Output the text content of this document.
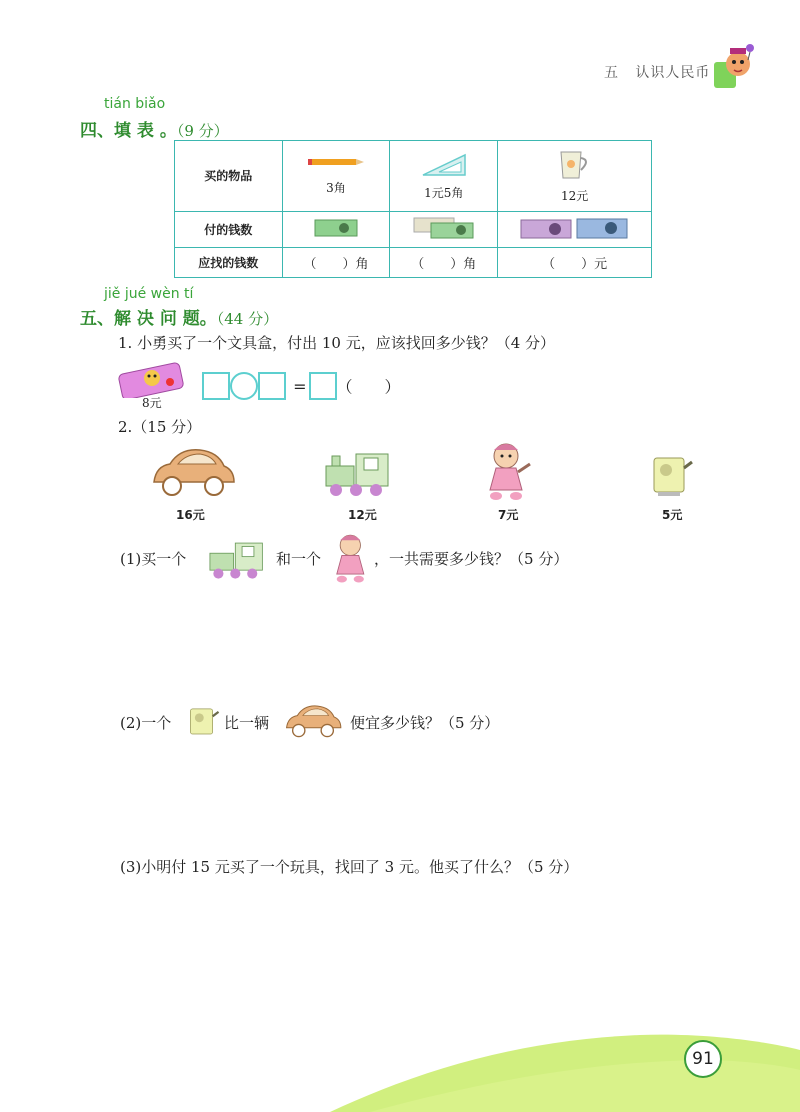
五 认识人民币
tián biǎo
四、填 表 。（9 分）
买的物品	3角	1元5角	12元

付的钱数			
应找的钱数	（　　）角	（　　）角	（　　）元
jiě jué wèn tí
五、解 决 问 题。（44 分）
1. 小勇买了一个文具盒，付出 10 元，应该找回多少钱？（4 分）
8元
= （　　）
2.（15 分）
16元	12元	7元	5元
(1)买一个	和一个	，一共需要多少钱？（5 分）
(2)一个	比一辆	便宜多少钱？（5 分）
(3)小明付 15 元买了一个玩具，找回了 3 元。他买了什么？（5 分）
91
